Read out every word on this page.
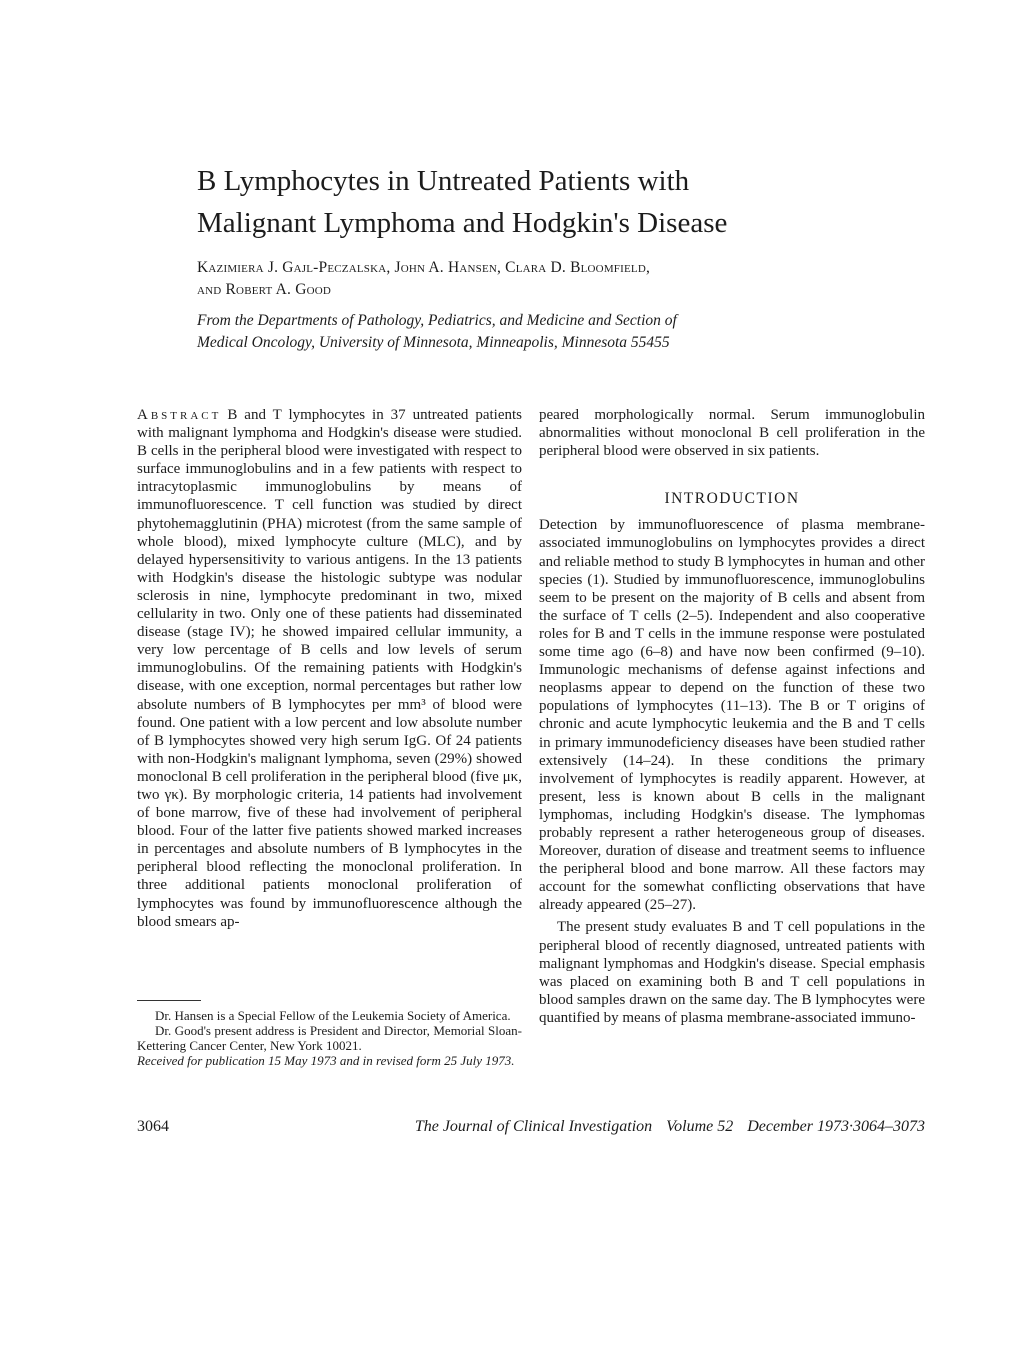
B Lymphocytes in Untreated Patients with
Malignant Lymphoma and Hodgkin's Disease
Kazimiera J. Gajl-Peczalska, John A. Hansen, Clara D. Bloomfield,
and Robert A. Good
From the Departments of Pathology, Pediatrics, and Medicine and Section of
Medical Oncology, University of Minnesota, Minneapolis, Minnesota 55455

Abstract B and T lymphocytes in 37 untreated patients with malignant lymphoma and Hodgkin's disease were studied. B cells in the peripheral blood were investigated with respect to surface immunoglobulins and in a few patients with respect to intracytoplasmic immunoglobulins by means of immunofluorescence. T cell function was studied by direct phytohemagglutinin (PHA) microtest (from the same sample of whole blood), mixed lymphocyte culture (MLC), and by delayed hypersensitivity to various antigens. In the 13 patients with Hodgkin's disease the histologic subtype was nodular sclerosis in nine, lymphocyte predominant in two, mixed cellularity in two. Only one of these patients had disseminated disease (stage IV); he showed impaired cellular immunity, a very low percentage of B cells and low levels of serum immunoglobulins. Of the remaining patients with Hodgkin's disease, with one exception, normal percentages but rather low absolute numbers of B lymphocytes per mm³ of blood were found. One patient with a low percent and low absolute number of B lymphocytes showed very high serum IgG. Of 24 patients with non-Hodgkin's malignant lymphoma, seven (29%) showed monoclonal B cell proliferation in the peripheral blood (five μκ, two γκ). By morphologic criteria, 14 patients had involvement of bone marrow, five of these had involvement of peripheral blood. Four of the latter five patients showed marked increases in percentages and absolute numbers of B lymphocytes in the peripheral blood reflecting the monoclonal proliferation. In three additional patients monoclonal proliferation of lymphocytes was found by immunofluorescence although the blood smears ap-

peared morphologically normal. Serum immunoglobulin abnormalities without monoclonal B cell proliferation in the peripheral blood were observed in six patients.

INTRODUCTION

Detection by immunofluorescence of plasma membrane-associated immunoglobulins on lymphocytes provides a direct and reliable method to study B lymphocytes in human and other species (1). Studied by immunofluorescence, immunoglobulins seem to be present on the majority of B cells and absent from the surface of T cells (2–5). Independent and also cooperative roles for B and T cells in the immune response were postulated some time ago (6–8) and have now been confirmed (9–10). Immunologic mechanisms of defense against infections and neoplasms appear to depend on the function of these two populations of lymphocytes (11–13). The B or T origins of chronic and acute lymphocytic leukemia and the B and T cells in primary immunodeficiency diseases have been studied rather extensively (14–24). In these conditions the primary involvement of lymphocytes is readily apparent. However, at present, less is known about B cells in the malignant lymphomas, including Hodgkin's disease. The lymphomas probably represent a rather heterogeneous group of diseases. Moreover, duration of disease and treatment seems to influence the peripheral blood and bone marrow. All these factors may account for the somewhat conflicting observations that have already appeared (25–27).

The present study evaluates B and T cell populations in the peripheral blood of recently diagnosed, untreated patients with malignant lymphomas and Hodgkin's disease. Special emphasis was placed on examining both B and T cell populations in blood samples drawn on the same day. The B lymphocytes were quantified by means of plasma membrane-associated immuno-

Dr. Hansen is a Special Fellow of the Leukemia Society of America.

Dr. Good's present address is President and Director, Memorial Sloan-Kettering Cancer Center, New York 10021.

Received for publication 15 May 1973 and in revised form 25 July 1973.

3064	The Journal of Clinical Investigation Volume 52 December 1973·3064–3073
